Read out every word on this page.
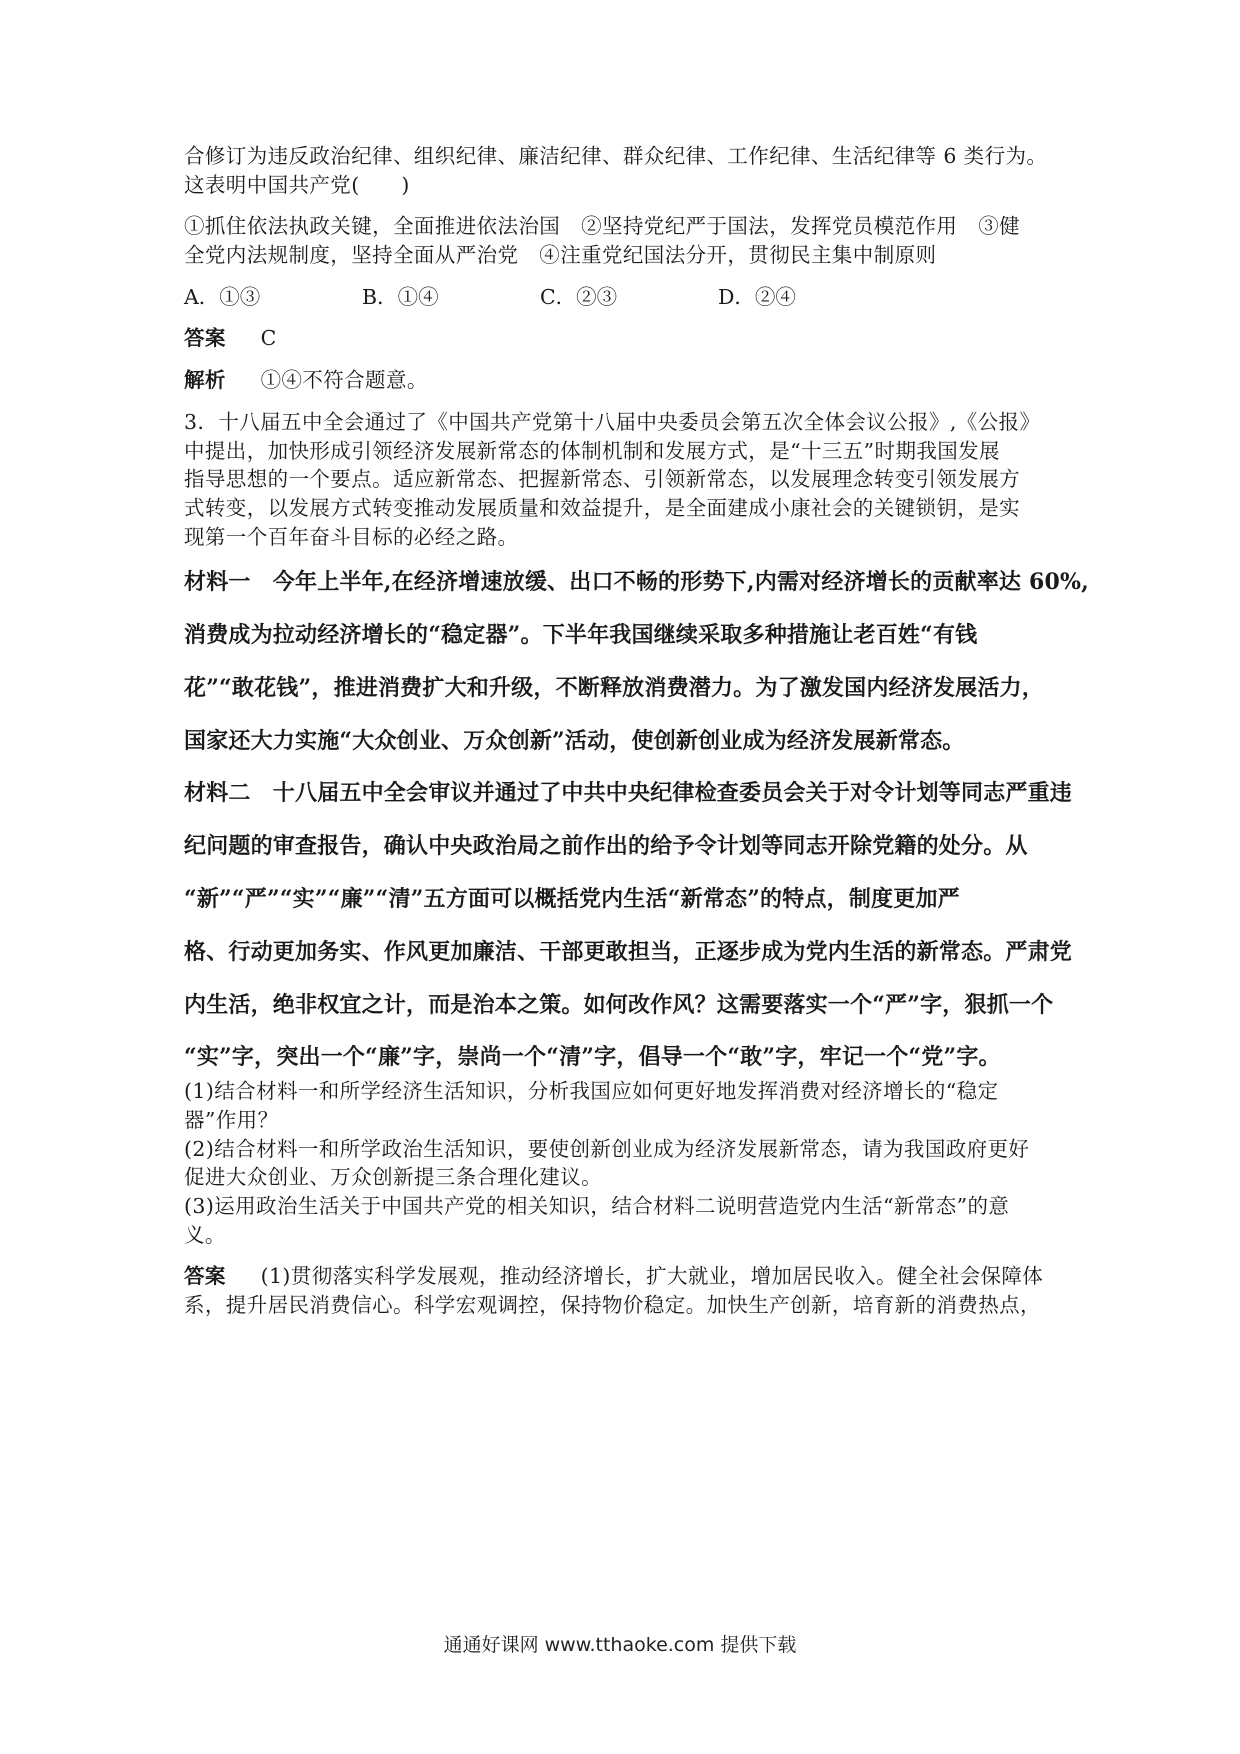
合修订为违反政治纪律、组织纪律、廉洁纪律、群众纪律、工作纪律、生活纪律等 6 类行为。
这表明中国共产党(　　)
①抓住依法执政关键，全面推进依法治国　②坚持党纪严于国法，发挥党员模范作用　③健
全党内法规制度，坚持全面从严治党　④注重党纪国法分开，贯彻民主集中制原则
A．①③	B．①④	C．②③	D．②④
答案 　 C
解析 　 ①④不符合题意。
3．十八届五中全会通过了《中国共产党第十八届中央委员会第五次全体会议公报》,《公报》
中提出，加快形成引领经济发展新常态的体制机制和发展方式，是“十三五”时期我国发展
指导思想的一个要点。适应新常态、把握新常态、引领新常态，以发展理念转变引领发展方
式转变，以发展方式转变推动发展质量和效益提升，是全面建成小康社会的关键锁钥，是实
现第一个百年奋斗目标的必经之路。
材料一　今年上半年,在经济增速放缓、出口不畅的形势下,内需对经济增长的贡献率达 60%,
消费成为拉动经济增长的“稳定器”。下半年我国继续采取多种措施让老百姓“有钱
花”“敢花钱”，推进消费扩大和升级，不断释放消费潜力。为了激发国内经济发展活力，
国家还大力实施“大众创业、万众创新”活动，使创新创业成为经济发展新常态。
材料二　十八届五中全会审议并通过了中共中央纪律检查委员会关于对令计划等同志严重违
纪问题的审查报告，确认中央政治局之前作出的给予令计划等同志开除党籍的处分。从
“新”“严”“实”“廉”“清”五方面可以概括党内生活“新常态”的特点，制度更加严
格、行动更加务实、作风更加廉洁、干部更敢担当，正逐步成为党内生活的新常态。严肃党
内生活，绝非权宜之计，而是治本之策。如何改作风？这需要落实一个“严”字，狠抓一个
“实”字，突出一个“廉”字，崇尚一个“清”字，倡导一个“敢”字，牢记一个“党”字。
(1)结合材料一和所学经济生活知识，分析我国应如何更好地发挥消费对经济增长的“稳定
器”作用？
(2)结合材料一和所学政治生活知识，要使创新创业成为经济发展新常态，请为我国政府更好
促进大众创业、万众创新提三条合理化建议。
(3)运用政治生活关于中国共产党的相关知识，结合材料二说明营造党内生活“新常态”的意
义。
答案 　 (1)贯彻落实科学发展观，推动经济增长，扩大就业，增加居民收入。健全社会保障体
系，提升居民消费信心。科学宏观调控，保持物价稳定。加快生产创新，培育新的消费热点，
通通好课网 www.tthaoke.com 提供下载
